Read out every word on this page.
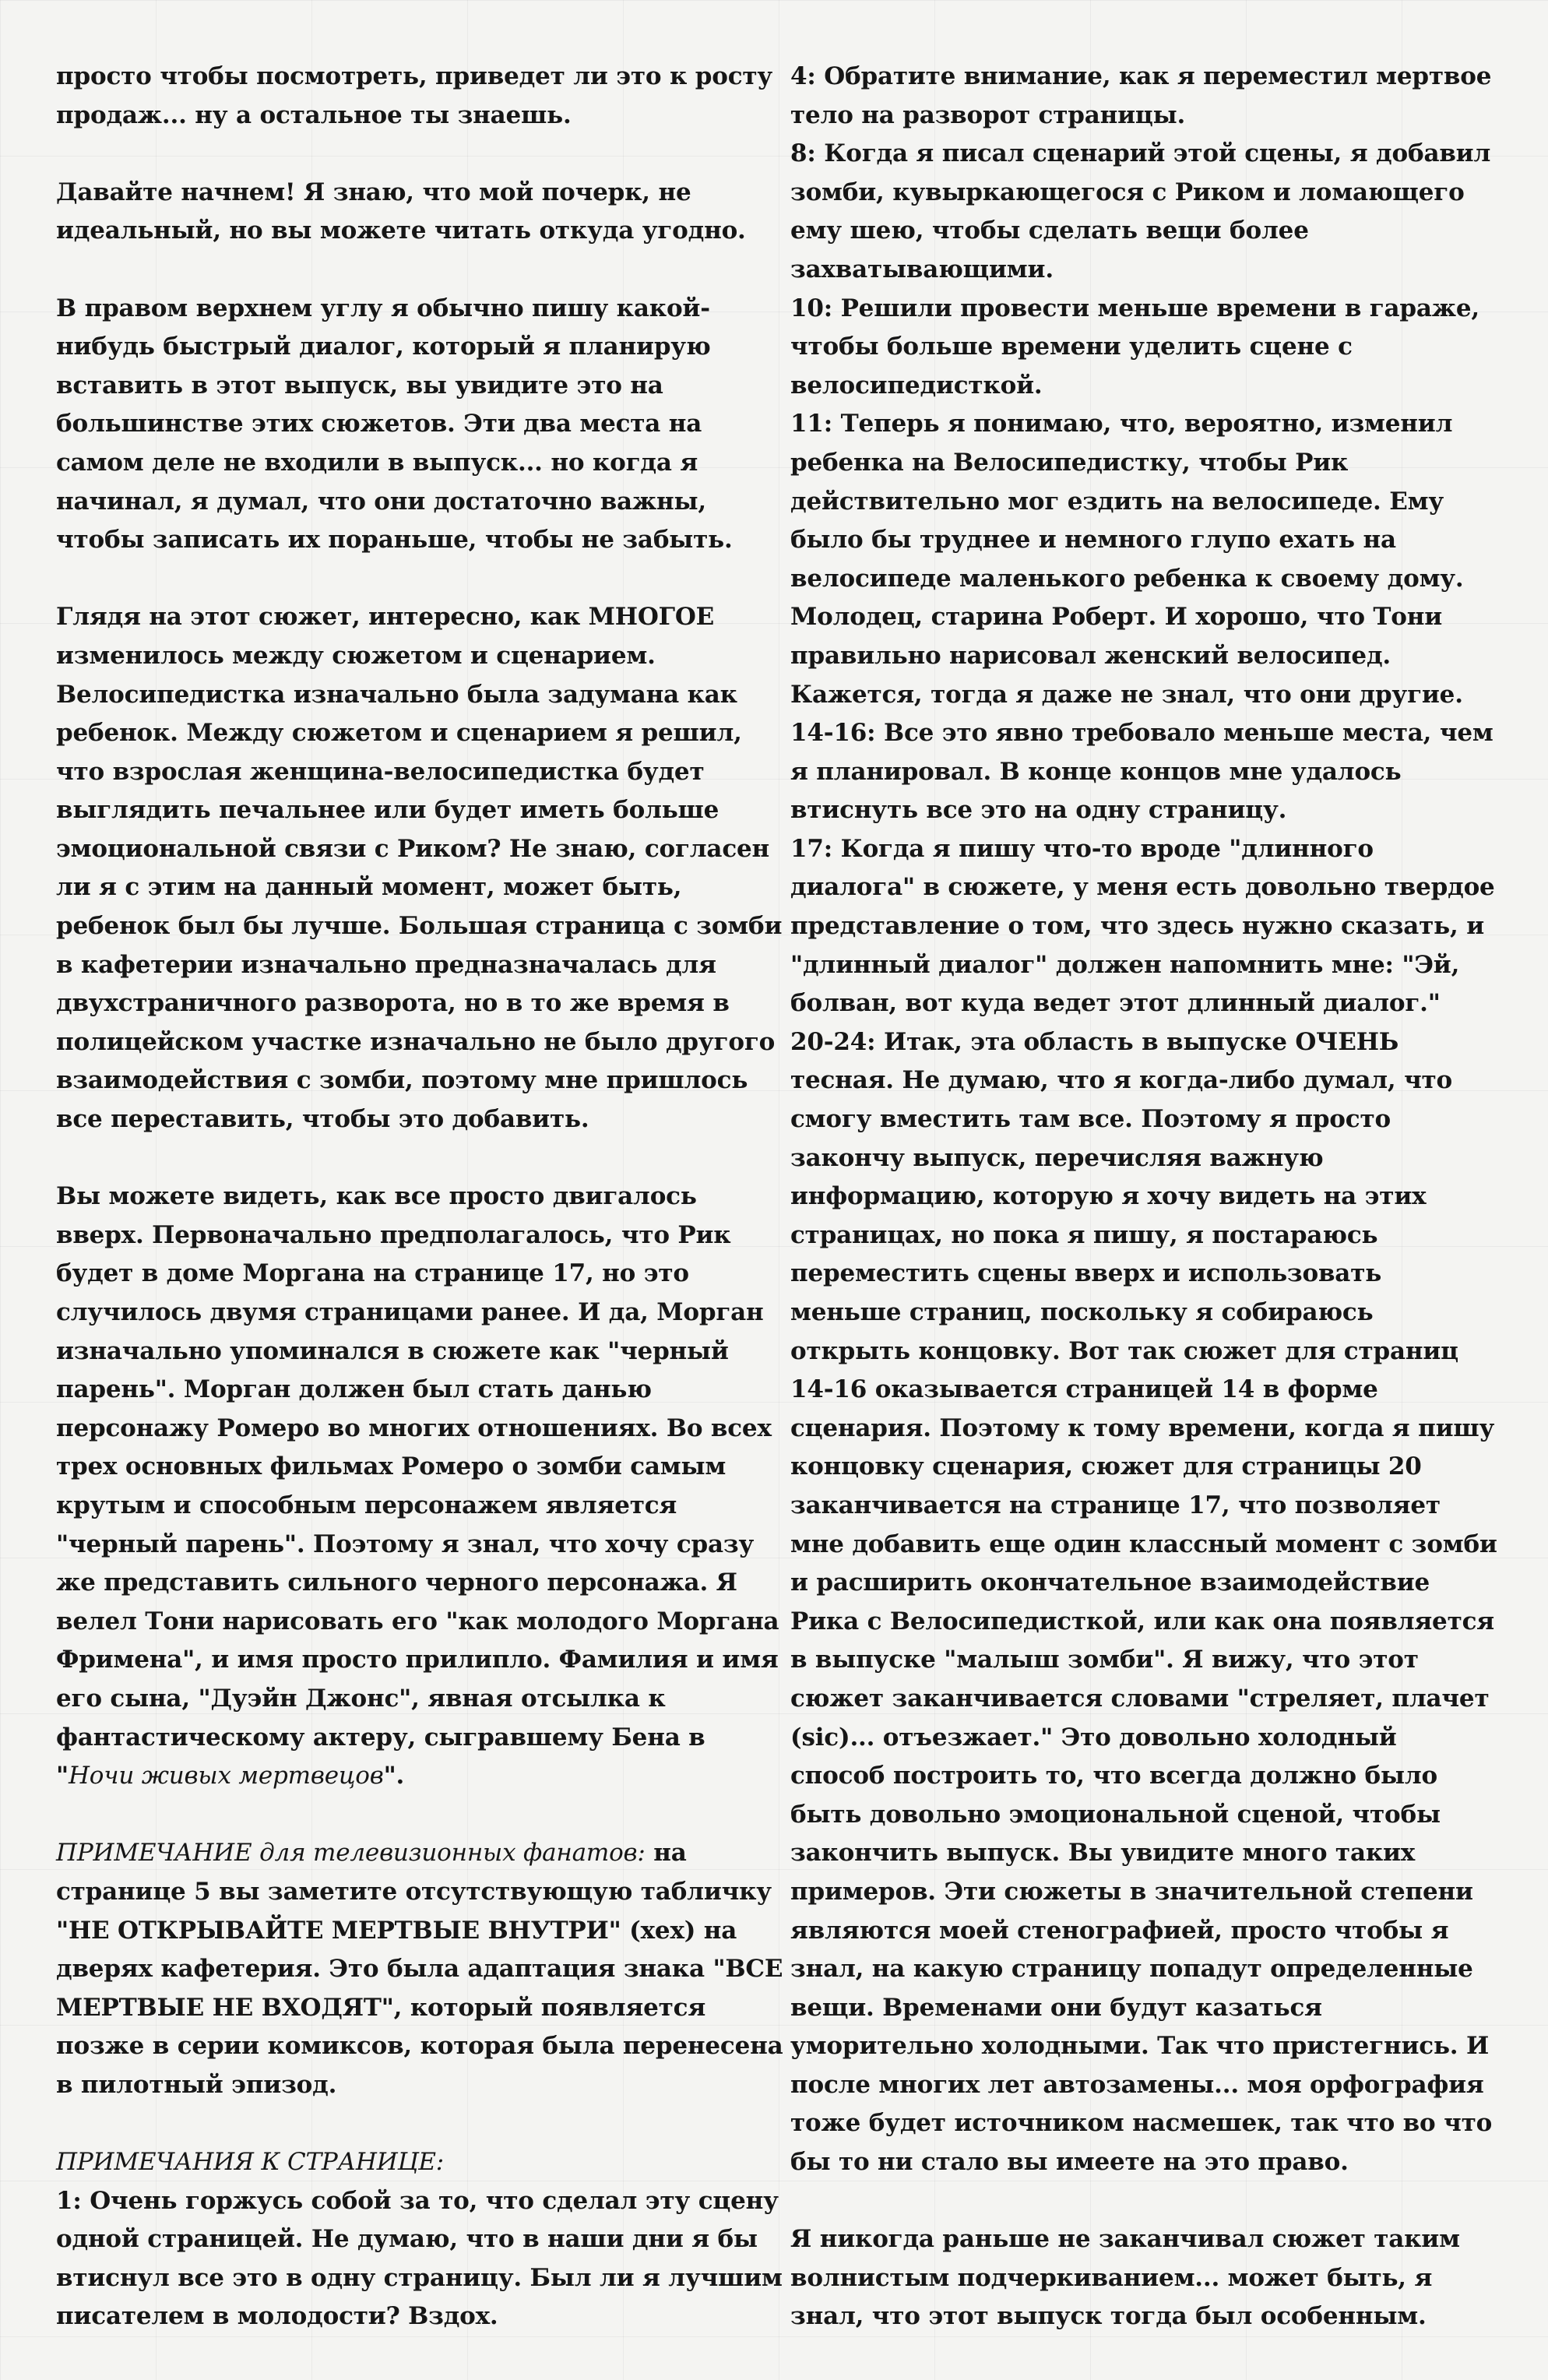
просто чтобы посмотреть, приведет ли это к росту продаж... ну а остальное ты знаешь.

Давайте начнем! Я знаю, что мой почерк, не идеальный, но вы можете читать откуда угодно.

В правом верхнем углу я обычно пишу какой-нибудь быстрый диалог, который я планирую вставить в этот выпуск, вы увидите это на большинстве этих сюжетов. Эти два места на самом деле не входили в выпуск... но когда я начинал, я думал, что они достаточно важны, чтобы записать их пораньше, чтобы не забыть.

Глядя на этот сюжет, интересно, как МНОГОЕ изменилось между сюжетом и сценарием. Велосипедистка изначально была задумана как ребенок. Между сюжетом и сценарием я решил, что взрослая женщина-велосипедистка будет выглядить печальнее или будет иметь больше эмоциональной связи с Риком? Не знаю, согласен ли я с этим на данный момент, может быть, ребенок был бы лучше. Большая страница с зомби в кафетерии изначально предназначалась для двухстраничного разворота, но в то же время в полицейском участке изначально не было другого взаимодействия с зомби, поэтому мне пришлось все переставить, чтобы это добавить.

Вы можете видеть, как все просто двигалось вверх. Первоначально предполагалось, что Рик будет в доме Моргана на странице 17, но это случилось двумя страницами ранее. И да, Морган изначально упоминался в сюжете как "черный парень". Морган должен был стать данью персонажу Ромеро во многих отношениях. Во всех трех основных фильмах Ромеро о зомби самым крутым и способным персонажем является "черный парень". Поэтому я знал, что хочу сразу же представить сильного черного персонажа. Я велел Тони нарисовать его "как молодого Моргана Фримена", и имя просто прилипло. Фамилия и имя его сына, "Дуэйн Джонс", явная отсылка к фантастическому актеру, сыгравшему Бена в "Ночи живых мертвецов".

ПРИМЕЧАНИЕ для телевизионных фанатов: на странице 5 вы заметите отсутствующую табличку "НЕ ОТКРЫВАЙТЕ МЕРТВЫЕ ВНУТРИ" (хех) на дверях кафетерия. Это была адаптация знака "ВСЕ МЕРТВЫЕ НЕ ВХОДЯТ", который появляется позже в серии комиксов, которая была перенесена в пилотный эпизод.

ПРИМЕЧАНИЯ К СТРАНИЦЕ:

1: Очень горжусь собой за то, что сделал эту сцену одной страницей. Не думаю, что в наши дни я бы втиснул все это в одну страницу. Был ли я лучшим писателем в молодости? Вздох.

4: Обратите внимание, как я переместил мертвое тело на разворот страницы.

8: Когда я писал сценарий этой сцены, я добавил зомби, кувыркающегося с Риком и ломающего ему шею, чтобы сделать вещи более захватывающими.

10: Решили провести меньше времени в гараже, чтобы больше времени уделить сцене с велосипедисткой.

11: Теперь я понимаю, что, вероятно, изменил ребенка на Велосипедистку, чтобы Рик действительно мог ездить на велосипеде. Ему было бы труднее и немного глупо ехать на велосипеде маленького ребенка к своему дому. Молодец, старина Роберт. И хорошо, что Тони правильно нарисовал женский велосипед. Кажется, тогда я даже не знал, что они другие.

14-16: Все это явно требовало меньше места, чем я планировал. В конце концов мне удалось втиснуть все это на одну страницу.

17: Когда я пишу что-то вроде "длинного диалога" в сюжете, у меня есть довольно твердое представление о том, что здесь нужно сказать, и "длинный диалог" должен напомнить мне: "Эй, болван, вот куда ведет этот длинный диалог."

20-24: Итак, эта область в выпуске ОЧЕНЬ тесная. Не думаю, что я когда-либо думал, что смогу вместить там все. Поэтому я просто закончу выпуск, перечисляя важную информацию, которую я хочу видеть на этих страницах, но пока я пишу, я постараюсь переместить сцены вверх и использовать меньше страниц, поскольку я собираюсь открыть концовку. Вот так сюжет для страниц 14-16 оказывается страницей 14 в форме сценария. Поэтому к тому времени, когда я пишу концовку сценария, сюжет для страницы 20 заканчивается на странице 17, что позволяет мне добавить еще один классный момент с зомби и расширить окончательное взаимодействие Рика с Велосипедисткой, или как она появляется в выпуске "малыш зомби". Я вижу, что этот сюжет заканчивается словами "стреляет, плачет (sic)... отъезжает." Это довольно холодный способ построить то, что всегда должно было быть довольно эмоциональной сценой, чтобы закончить выпуск. Вы увидите много таких примеров. Эти сюжеты в значительной степени являются моей стенографией, просто чтобы я знал, на какую страницу попадут определенные вещи. Временами они будут казаться уморительно холодными. Так что пристегнись. И после многих лет автозамены... моя орфография тоже будет источником насмешек, так что во что бы то ни стало вы имеете на это право.

Я никогда раньше не заканчивал сюжет таким волнистым подчеркиванием... может быть, я знал, что этот выпуск тогда был особенным.
